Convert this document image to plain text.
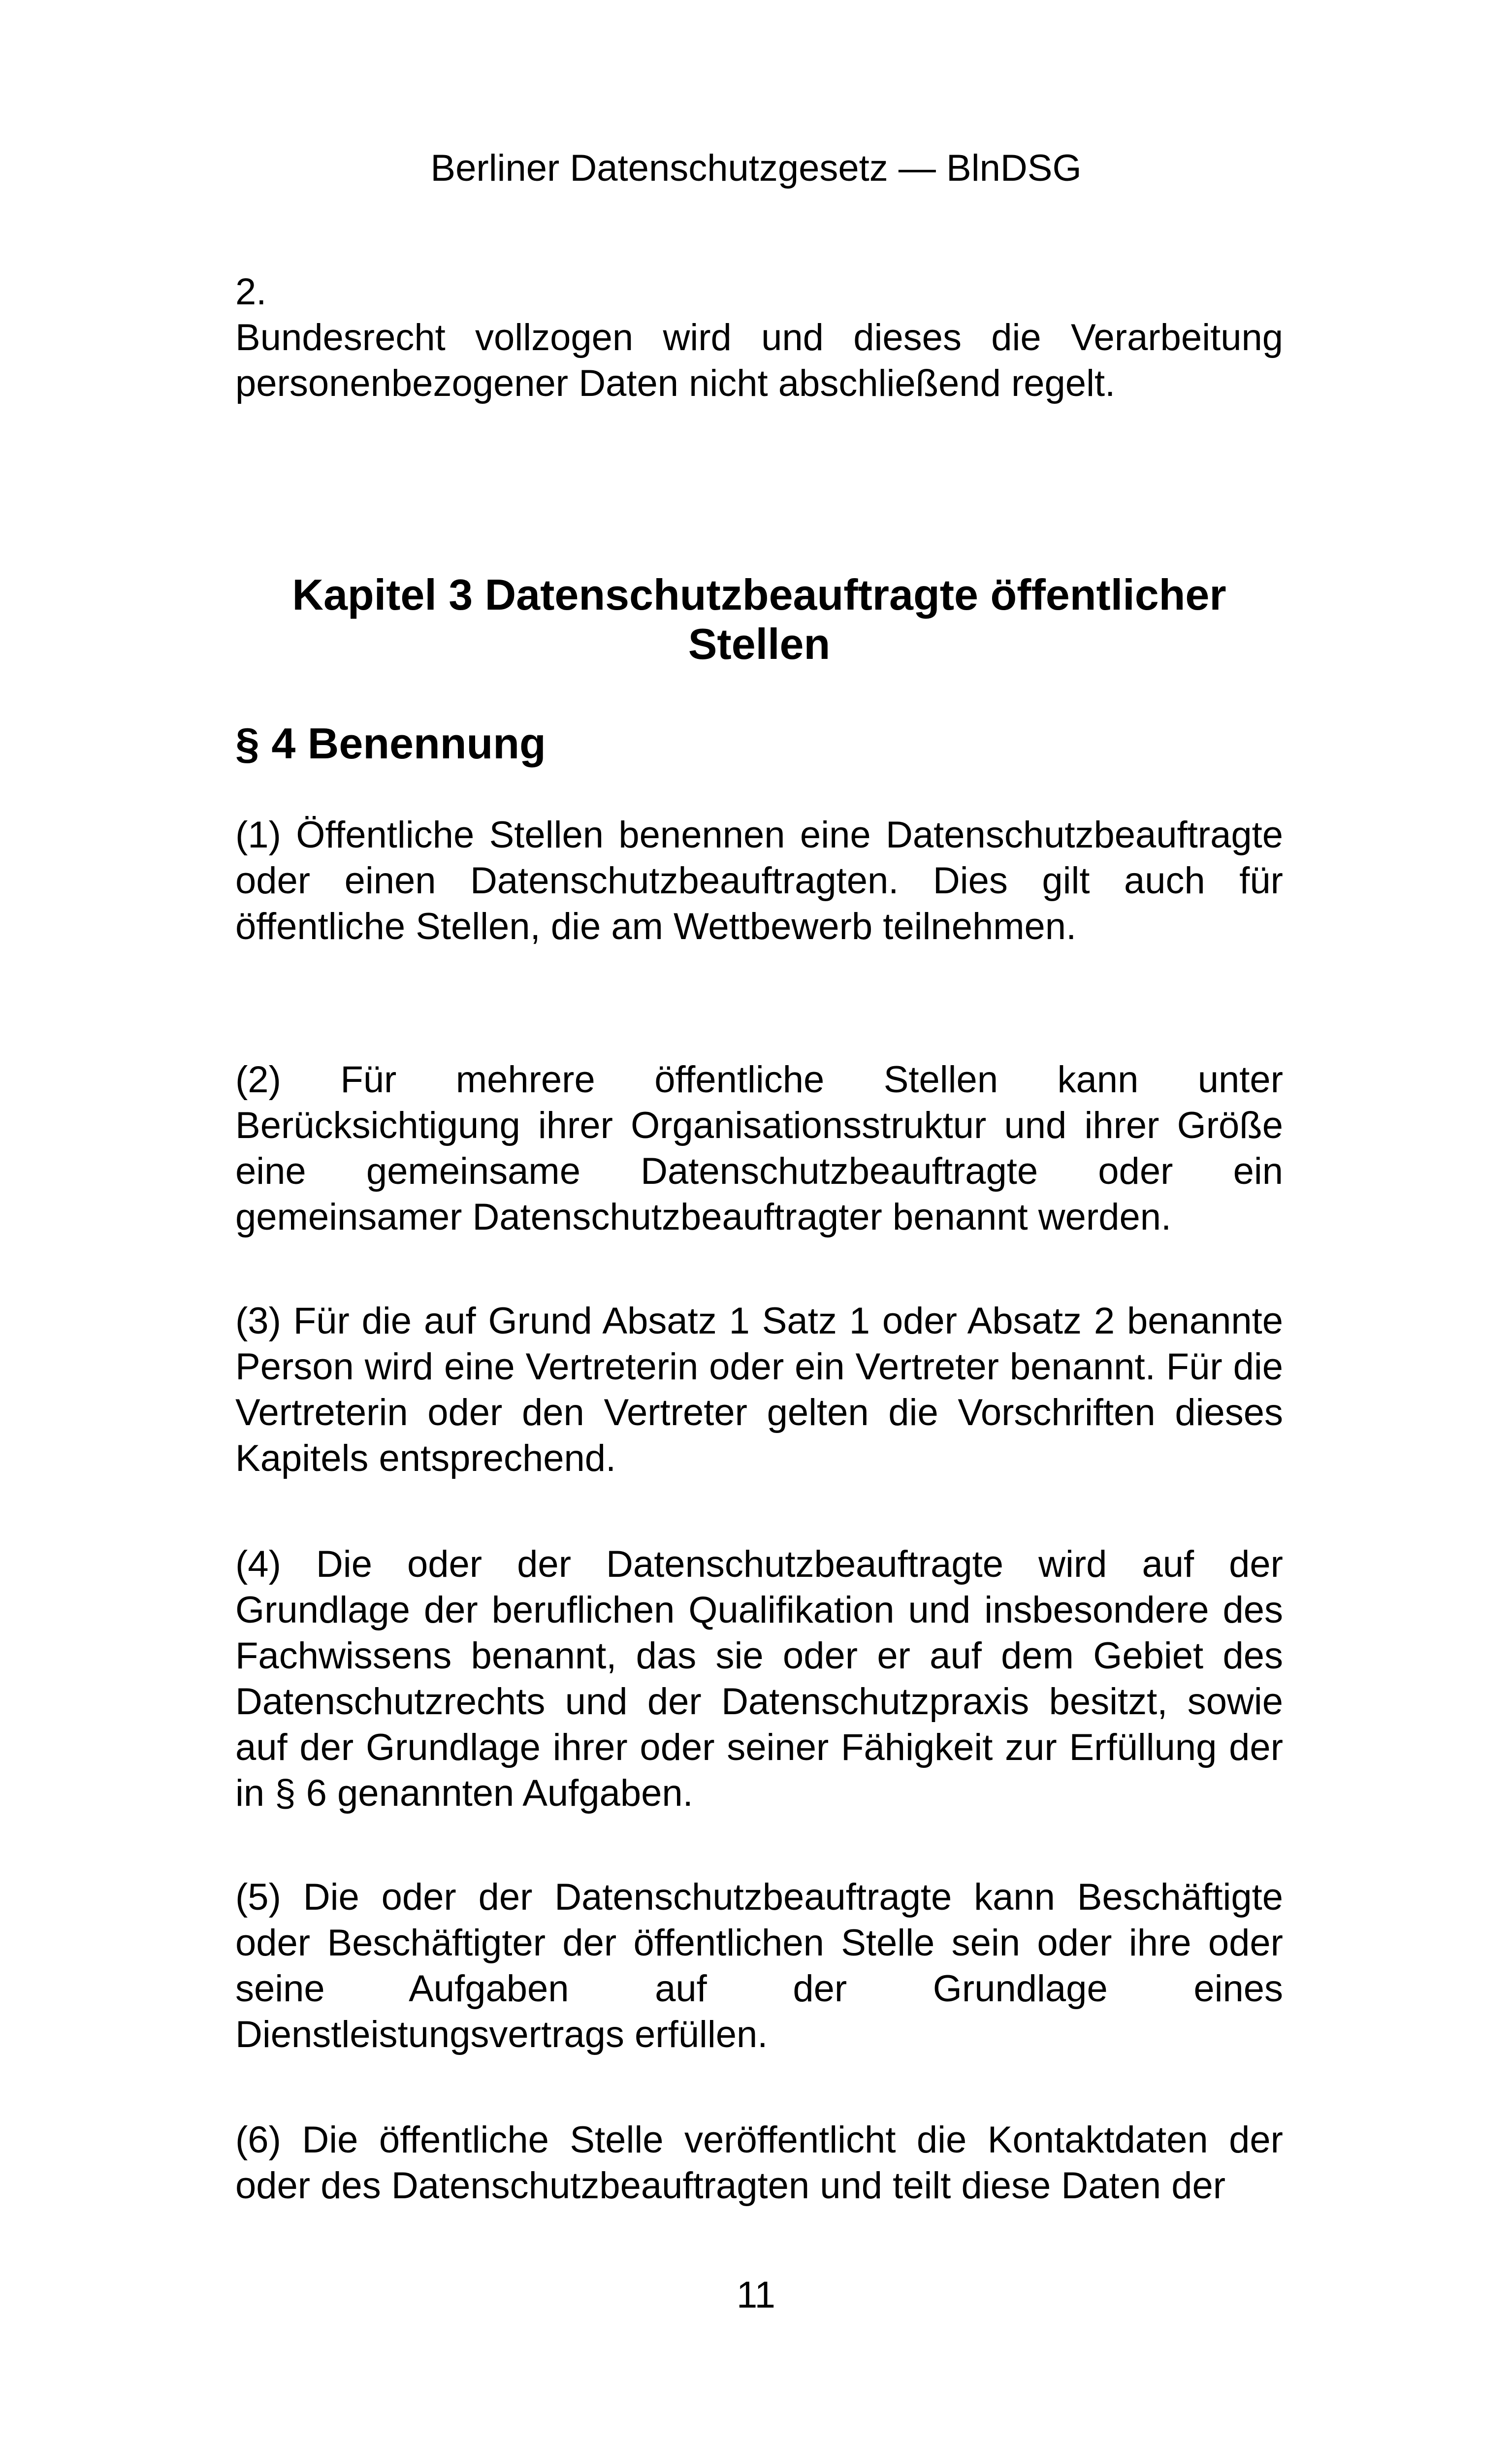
Berliner Datenschutzgesetz — BlnDSG
2.
Bundesrecht vollzogen wird und dieses die Verarbeitung personenbezogener Daten nicht abschließend regelt.
Kapitel 3 Datenschutzbeauftragte öffentlicher Stellen
§ 4 Benennung
(1) Öffentliche Stellen benennen eine Datenschutzbeauftragte oder einen Datenschutzbeauftragten. Dies gilt auch für öffentliche Stellen, die am Wettbewerb teilnehmen.
(2) Für mehrere öffentliche Stellen kann unter Berücksichtigung ihrer Organisationsstruktur und ihrer Größe eine gemeinsame Datenschutzbeauftragte oder ein gemeinsamer Datenschutzbeauftragter benannt werden.
(3) Für die auf Grund Absatz 1 Satz 1 oder Absatz 2 benannte Person wird eine Vertreterin oder ein Vertreter benannt. Für die Vertreterin oder den Vertreter gelten die Vorschriften dieses Kapitels entsprechend.
(4) Die oder der Datenschutzbeauftragte wird auf der Grundlage der beruflichen Qualifikation und insbesondere des Fachwissens benannt, das sie oder er auf dem Gebiet des Datenschutzrechts und der Datenschutzpraxis besitzt, sowie auf der Grundlage ihrer oder seiner Fähigkeit zur Erfüllung der in § 6 genannten Aufgaben.
(5) Die oder der Datenschutzbeauftragte kann Beschäftigte oder Beschäftigter der öffentlichen Stelle sein oder ihre oder seine Aufgaben auf der Grundlage eines Dienstleistungsvertrags erfüllen.
(6) Die öffentliche Stelle veröffentlicht die Kontaktdaten der oder des Datenschutzbeauftragten und teilt diese Daten der
11
